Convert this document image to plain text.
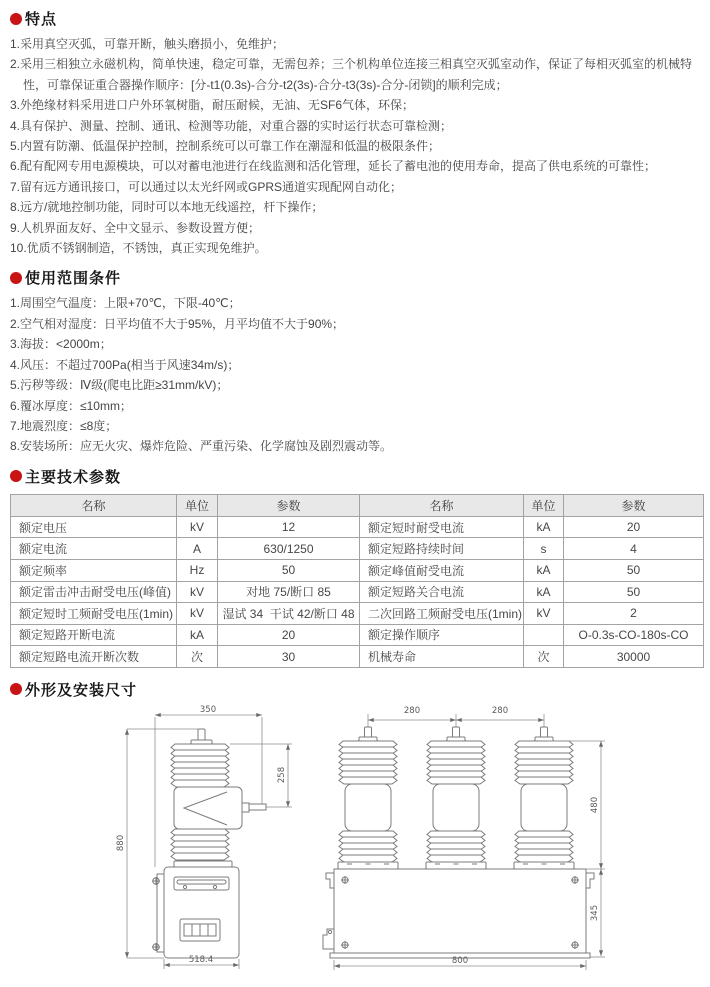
特点
1.采用真空灭弧，可靠开断，触头磨损小，免维护；
2.采用三相独立永磁机构，简单快速，稳定可靠，无需包养；三个机构单位连接三相真空灭弧室动作，保证了每相灭弧室的机械特性，可靠保证重合器操作顺序：[分-t1(0.3s)-合分-t2(3s)-合分-t3(3s)-合分-闭锁]的顺利完成；
3.外绝缘材料采用进口户外环氧树脂，耐压耐候，无油、无SF6气体，环保；
4.具有保护、测量、控制、通讯、检测等功能，对重合器的实时运行状态可靠检测；
5.内置有防潮、低温保护控制，控制系统可以可靠工作在潮湿和低温的极限条件；
6.配有配网专用电源模块，可以对蓄电池进行在线监测和活化管理，延长了蓄电池的使用寿命，提高了供电系统的可靠性；
7.留有远方通讯接口，可以通过以太光纤网或GPRS通道实现配网自动化；
8.远方/就地控制功能，同时可以本地无线遥控，杆下操作；
9.人机界面友好、全中文显示、参数设置方便；
10.优质不锈钢制造，不锈蚀，真正实现免维护。
使用范围条件
1.周围空气温度：上限+70℃，下限-40℃；
2.空气相对湿度：日平均值不大于95%，月平均值不大于90%；
3.海拔：<2000m；
4.风压：不超过700Pa(相当于风速34m/s)；
5.污秽等级：Ⅳ级(爬电比距≥31mm/kV)；
6.覆冰厚度：≤10mm；
7.地震烈度：≤8度；
8.安装场所：应无火灾、爆炸危险、严重污染、化学腐蚀及剧烈震动等。
主要技术参数
名称	单位	参数	名称	单位	参数
额定电压	kV	12	额定短时耐受电流	kA	20
额定电流	A	630/1250	额定短路持续时间	s	4
额定频率	Hz	50	额定峰值耐受电流	kA	50
额定雷击冲击耐受电压(峰值)	kV	对地 75/断口 85	额定短路关合电流	kA	50
额定短时工频耐受电压(1min)	kV	湿试 34  干试 42/断口 48	二次回路工频耐受电压(1min)	kV	2
额定短路开断电流	kA	20	额定操作顺序		O-0.3s-CO-180s-CO
额定短路电流开断次数	次	30	机械寿命	次	30000
外形及安装尺寸
350
880
258
518.4
280	280
480
345
800
